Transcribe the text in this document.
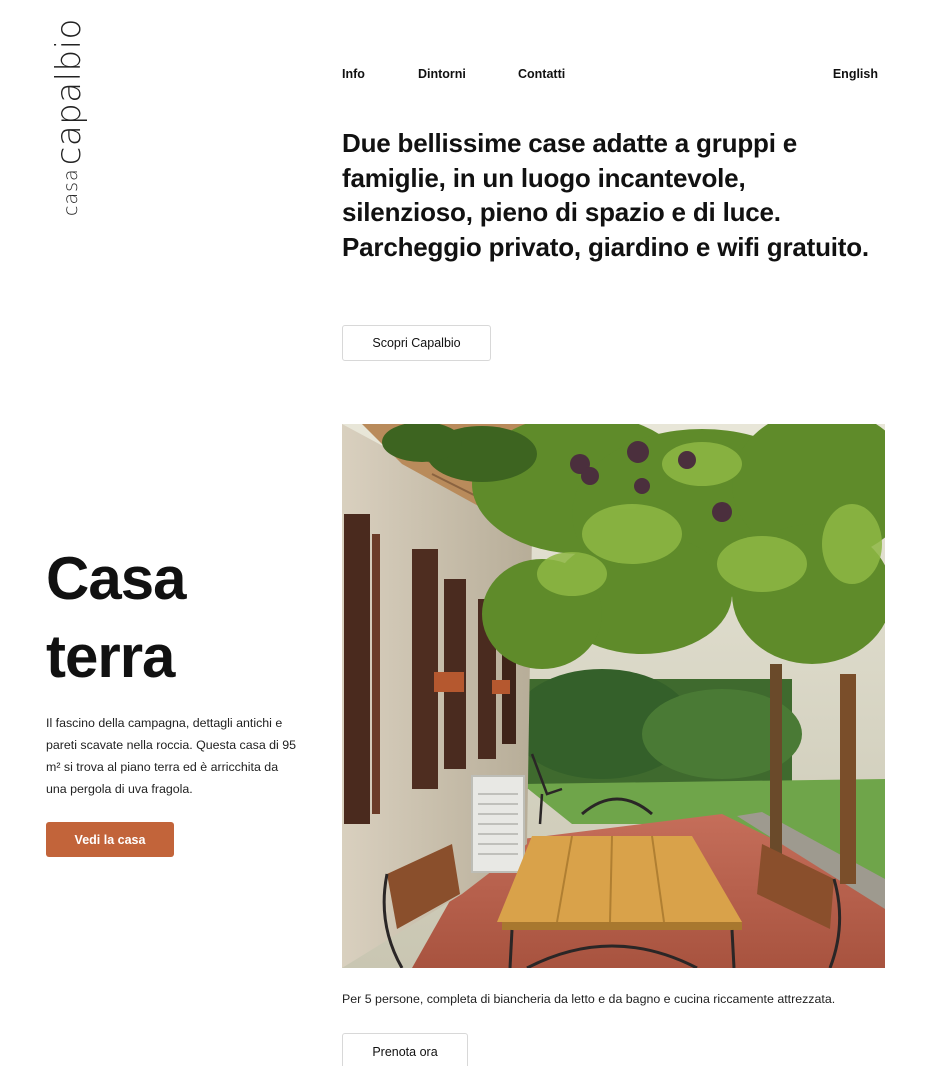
casa
capalbio	Info	Dintorni	Contatti	English
Due bellissime case adatte a gruppi e famiglie, in un luogo incantevole, silenzioso, pieno di spazio e di luce. Parcheggio privato, giardino e wifi gratuito.
Scopri Capalbio
Casa
terra

Il fascino della campagna, dettagli antichi e pareti scavate nella roccia. Questa casa di 95 m² si trova al piano terra ed è arricchita da una pergola di uva fragola.

Vedi la casa

Per 5 persone, completa di biancheria da letto e da bagno e cucina riccamente attrezzata.

Prenota ora
